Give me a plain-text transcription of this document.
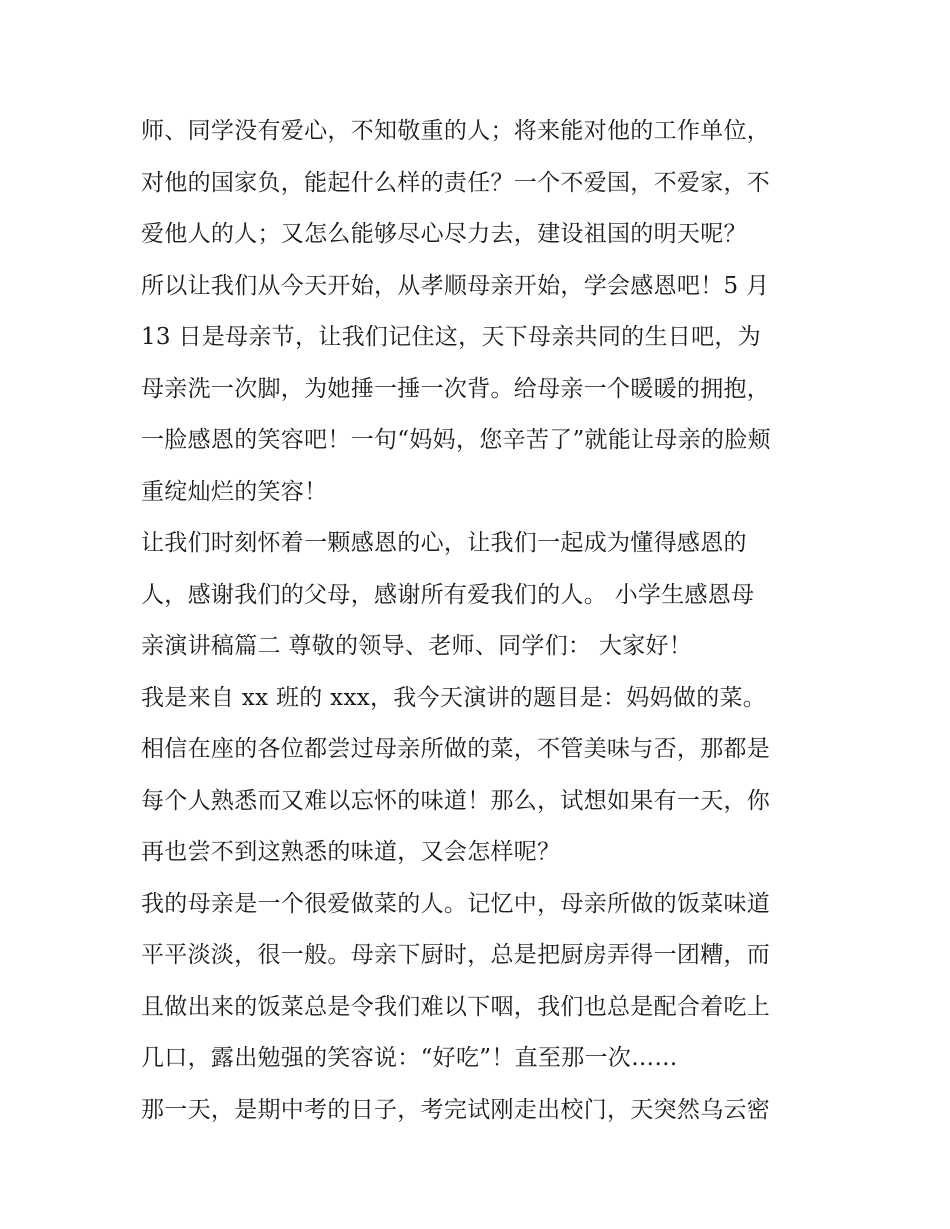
师、同学没有爱心，不知敬重的人；将来能对他的工作单位，
对他的国家负，能起什么样的责任？一个不爱国，不爱家，不
爱他人的人；又怎么能够尽心尽力去，建设祖国的明天呢？
所以让我们从今天开始，从孝顺母亲开始，学会感恩吧！5 月
13 日是母亲节，让我们记住这，天下母亲共同的生日吧，为
母亲洗一次脚，为她捶一捶一次背。给母亲一个暖暖的拥抱，
一脸感恩的笑容吧！一句“妈妈，您辛苦了”就能让母亲的脸颊
重绽灿烂的笑容！
让我们时刻怀着一颗感恩的心，让我们一起成为懂得感恩的
人，感谢我们的父母，感谢所有爱我们的人。 小学生感恩母
亲演讲稿篇二 尊敬的领导、老师、同学们： 大家好！
我是来自 xx 班的 xxx，我今天演讲的题目是：妈妈做的菜。
相信在座的各位都尝过母亲所做的菜，不管美味与否，那都是
每个人熟悉而又难以忘怀的味道！那么，试想如果有一天，你
再也尝不到这熟悉的味道，又会怎样呢？
我的母亲是一个很爱做菜的人。记忆中，母亲所做的饭菜味道
平平淡淡，很一般。母亲下厨时，总是把厨房弄得一团糟，而
且做出来的饭菜总是令我们难以下咽，我们也总是配合着吃上
几口，露出勉强的笑容说：“好吃”！直至那一次……
那一天，是期中考的日子，考完试刚走出校门，天突然乌云密
